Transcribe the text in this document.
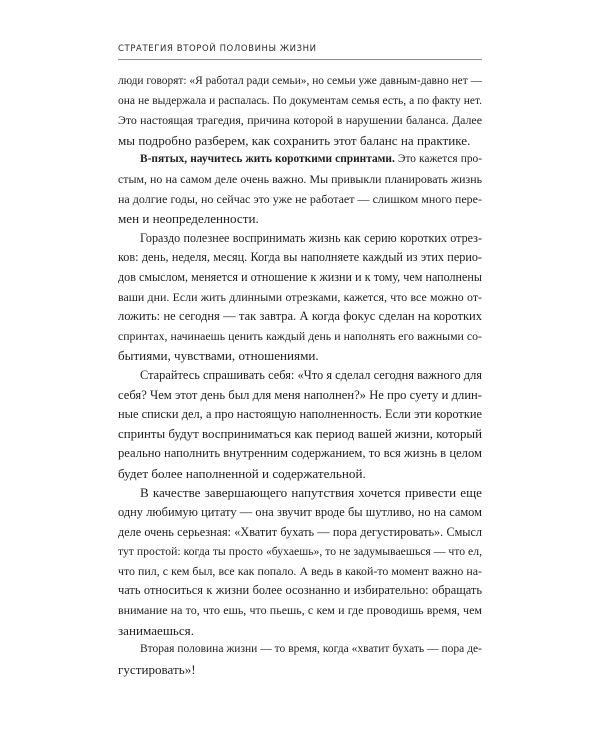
СТРАТЕГИЯ ВТОРОЙ ПОЛОВИНЫ ЖИЗНИ

люди говорят: «Я работал ради семьи», но семьи уже давным-давно нет —
она не выдержала и распалась. По документам семья есть, а по факту нет.
Это настоящая трагедия, причина которой в нарушении баланса. Далее
мы подробно разберем, как сохранить этот баланс на практике.

В-пятых, научитесь жить короткими спринтами. Это кажется про-
стым, но на самом деле очень важно. Мы привыкли планировать жизнь
на долгие годы, но сейчас это уже не работает — слишком много пере-
мен и неопределенности.

Гораздо полезнее воспринимать жизнь как серию коротких отрез-
ков: день, неделя, месяц. Когда вы наполняете каждый из этих перио-
дов смыслом, меняется и отношение к жизни и к тому, чем наполнены
ваши дни. Если жить длинными отрезками, кажется, что все можно от-
ложить: не сегодня — так завтра. А когда фокус сделан на коротких
спринтах, начинаешь ценить каждый день и наполнять его важными со-
бытиями, чувствами, отношениями.

Старайтесь спрашивать себя: «Что я сделал сегодня важного для
себя? Чем этот день был для меня наполнен?» Не про суету и длин-
ные списки дел, а про настоящую наполненность. Если эти короткие
спринты будут восприниматься как период вашей жизни, который
реально наполнить внутренним содержанием, то вся жизнь в целом
будет более наполненной и содержательной.

В качестве завершающего напутствия хочется привести еще
одну любимую цитату — она звучит вроде бы шутливо, но на самом
деле очень серьезная: «Хватит бухать — пора дегустировать». Смысл
тут простой: когда ты просто «бухаешь», то не задумываешься — что ел,
что пил, с кем был, все как попало. А ведь в какой-то момент важно на-
чать относиться к жизни более осознанно и избирательно: обращать
внимание на то, что ешь, что пьешь, с кем и где проводишь время, чем
занимаешься.

Вторая половина жизни — то время, когда «хватит бухать — пора де-
густировать»!
